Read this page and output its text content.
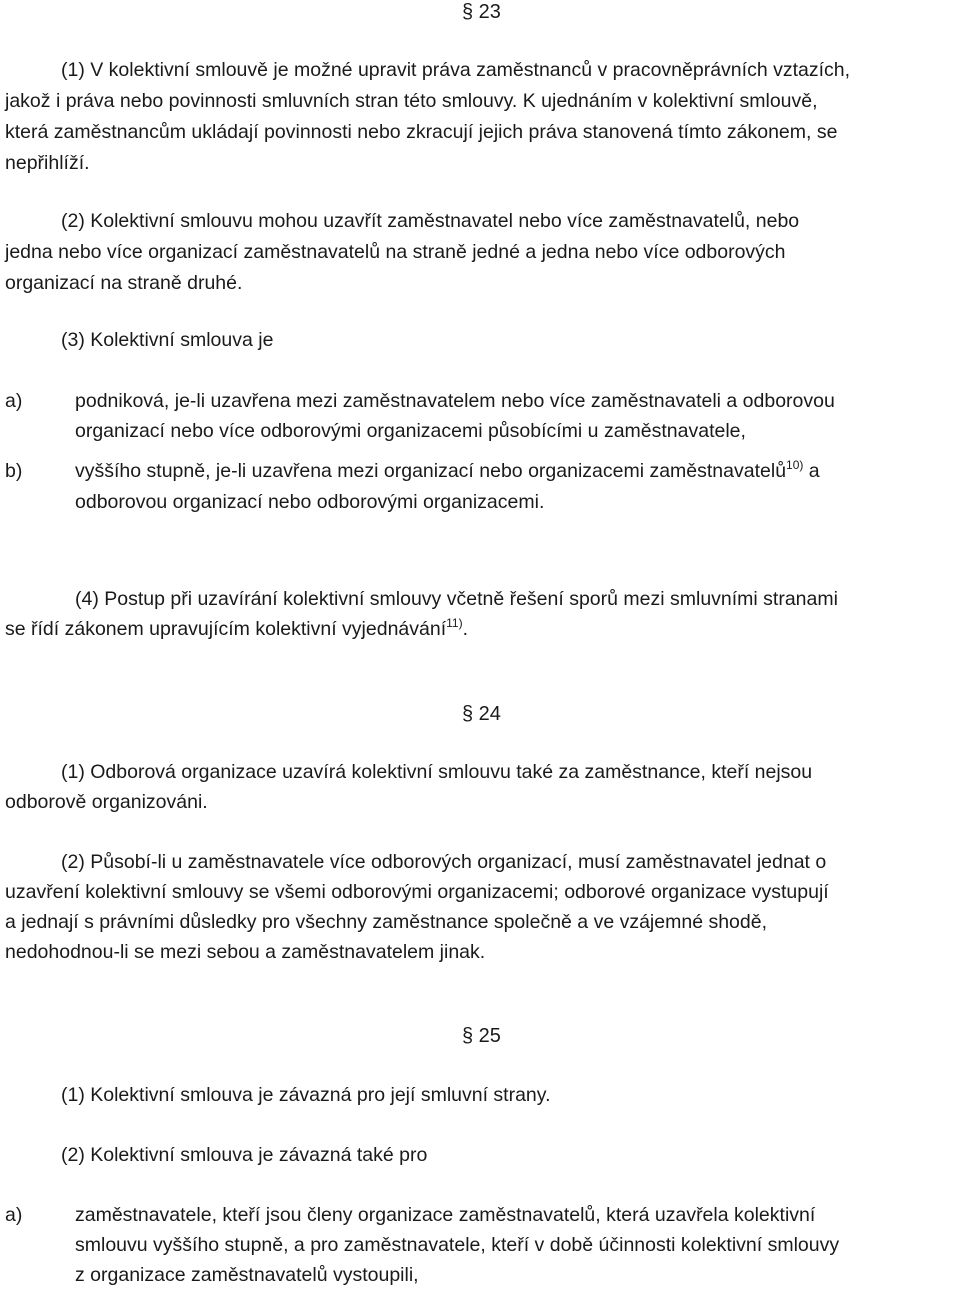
§ 23
(1) V kolektivní smlouvě je možné upravit práva zaměstnanců v pracovněprávních vztazích,
jakož i práva nebo povinnosti smluvních stran této smlouvy. K ujednáním v kolektivní smlouvě,
která zaměstnancům ukládají povinnosti nebo zkracují jejich práva stanovená tímto zákonem, se
nepřihlíží.
(2) Kolektivní smlouvu mohou uzavřít zaměstnavatel nebo více zaměstnavatelů, nebo
jedna nebo více organizací zaměstnavatelů na straně jedné a jedna nebo více odborových
organizací na straně druhé.
(3) Kolektivní smlouva je
a)	podniková, je-li uzavřena mezi zaměstnavatelem nebo více zaměstnavateli a odborovou
organizací nebo více odborovými organizacemi působícími u zaměstnavatele,
b)	vyššího stupně, je-li uzavřena mezi organizací nebo organizacemi zaměstnavatelů$^{10)}$ a
odborovou organizací nebo odborovými organizacemi.
(4) Postup při uzavírání kolektivní smlouvy včetně řešení sporů mezi smluvními stranami
se řídí zákonem upravujícím kolektivní vyjednávání$^{11)}$.
§ 24
(1) Odborová organizace uzavírá kolektivní smlouvu také za zaměstnance, kteří nejsou
odborově organizováni.
(2) Působí-li u zaměstnavatele více odborových organizací, musí zaměstnavatel jednat o
uzavření kolektivní smlouvy se všemi odborovými organizacemi; odborové organizace vystupují
a jednají s právními důsledky pro všechny zaměstnance společně a ve vzájemné shodě,
nedohodnou-li se mezi sebou a zaměstnavatelem jinak.
§ 25
(1) Kolektivní smlouva je závazná pro její smluvní strany.
(2) Kolektivní smlouva je závazná také pro
a)	zaměstnavatele, kteří jsou členy organizace zaměstnavatelů, která uzavřela kolektivní
smlouvu vyššího stupně, a pro zaměstnavatele, kteří v době účinnosti kolektivní smlouvy
z organizace zaměstnavatelů vystoupili,
